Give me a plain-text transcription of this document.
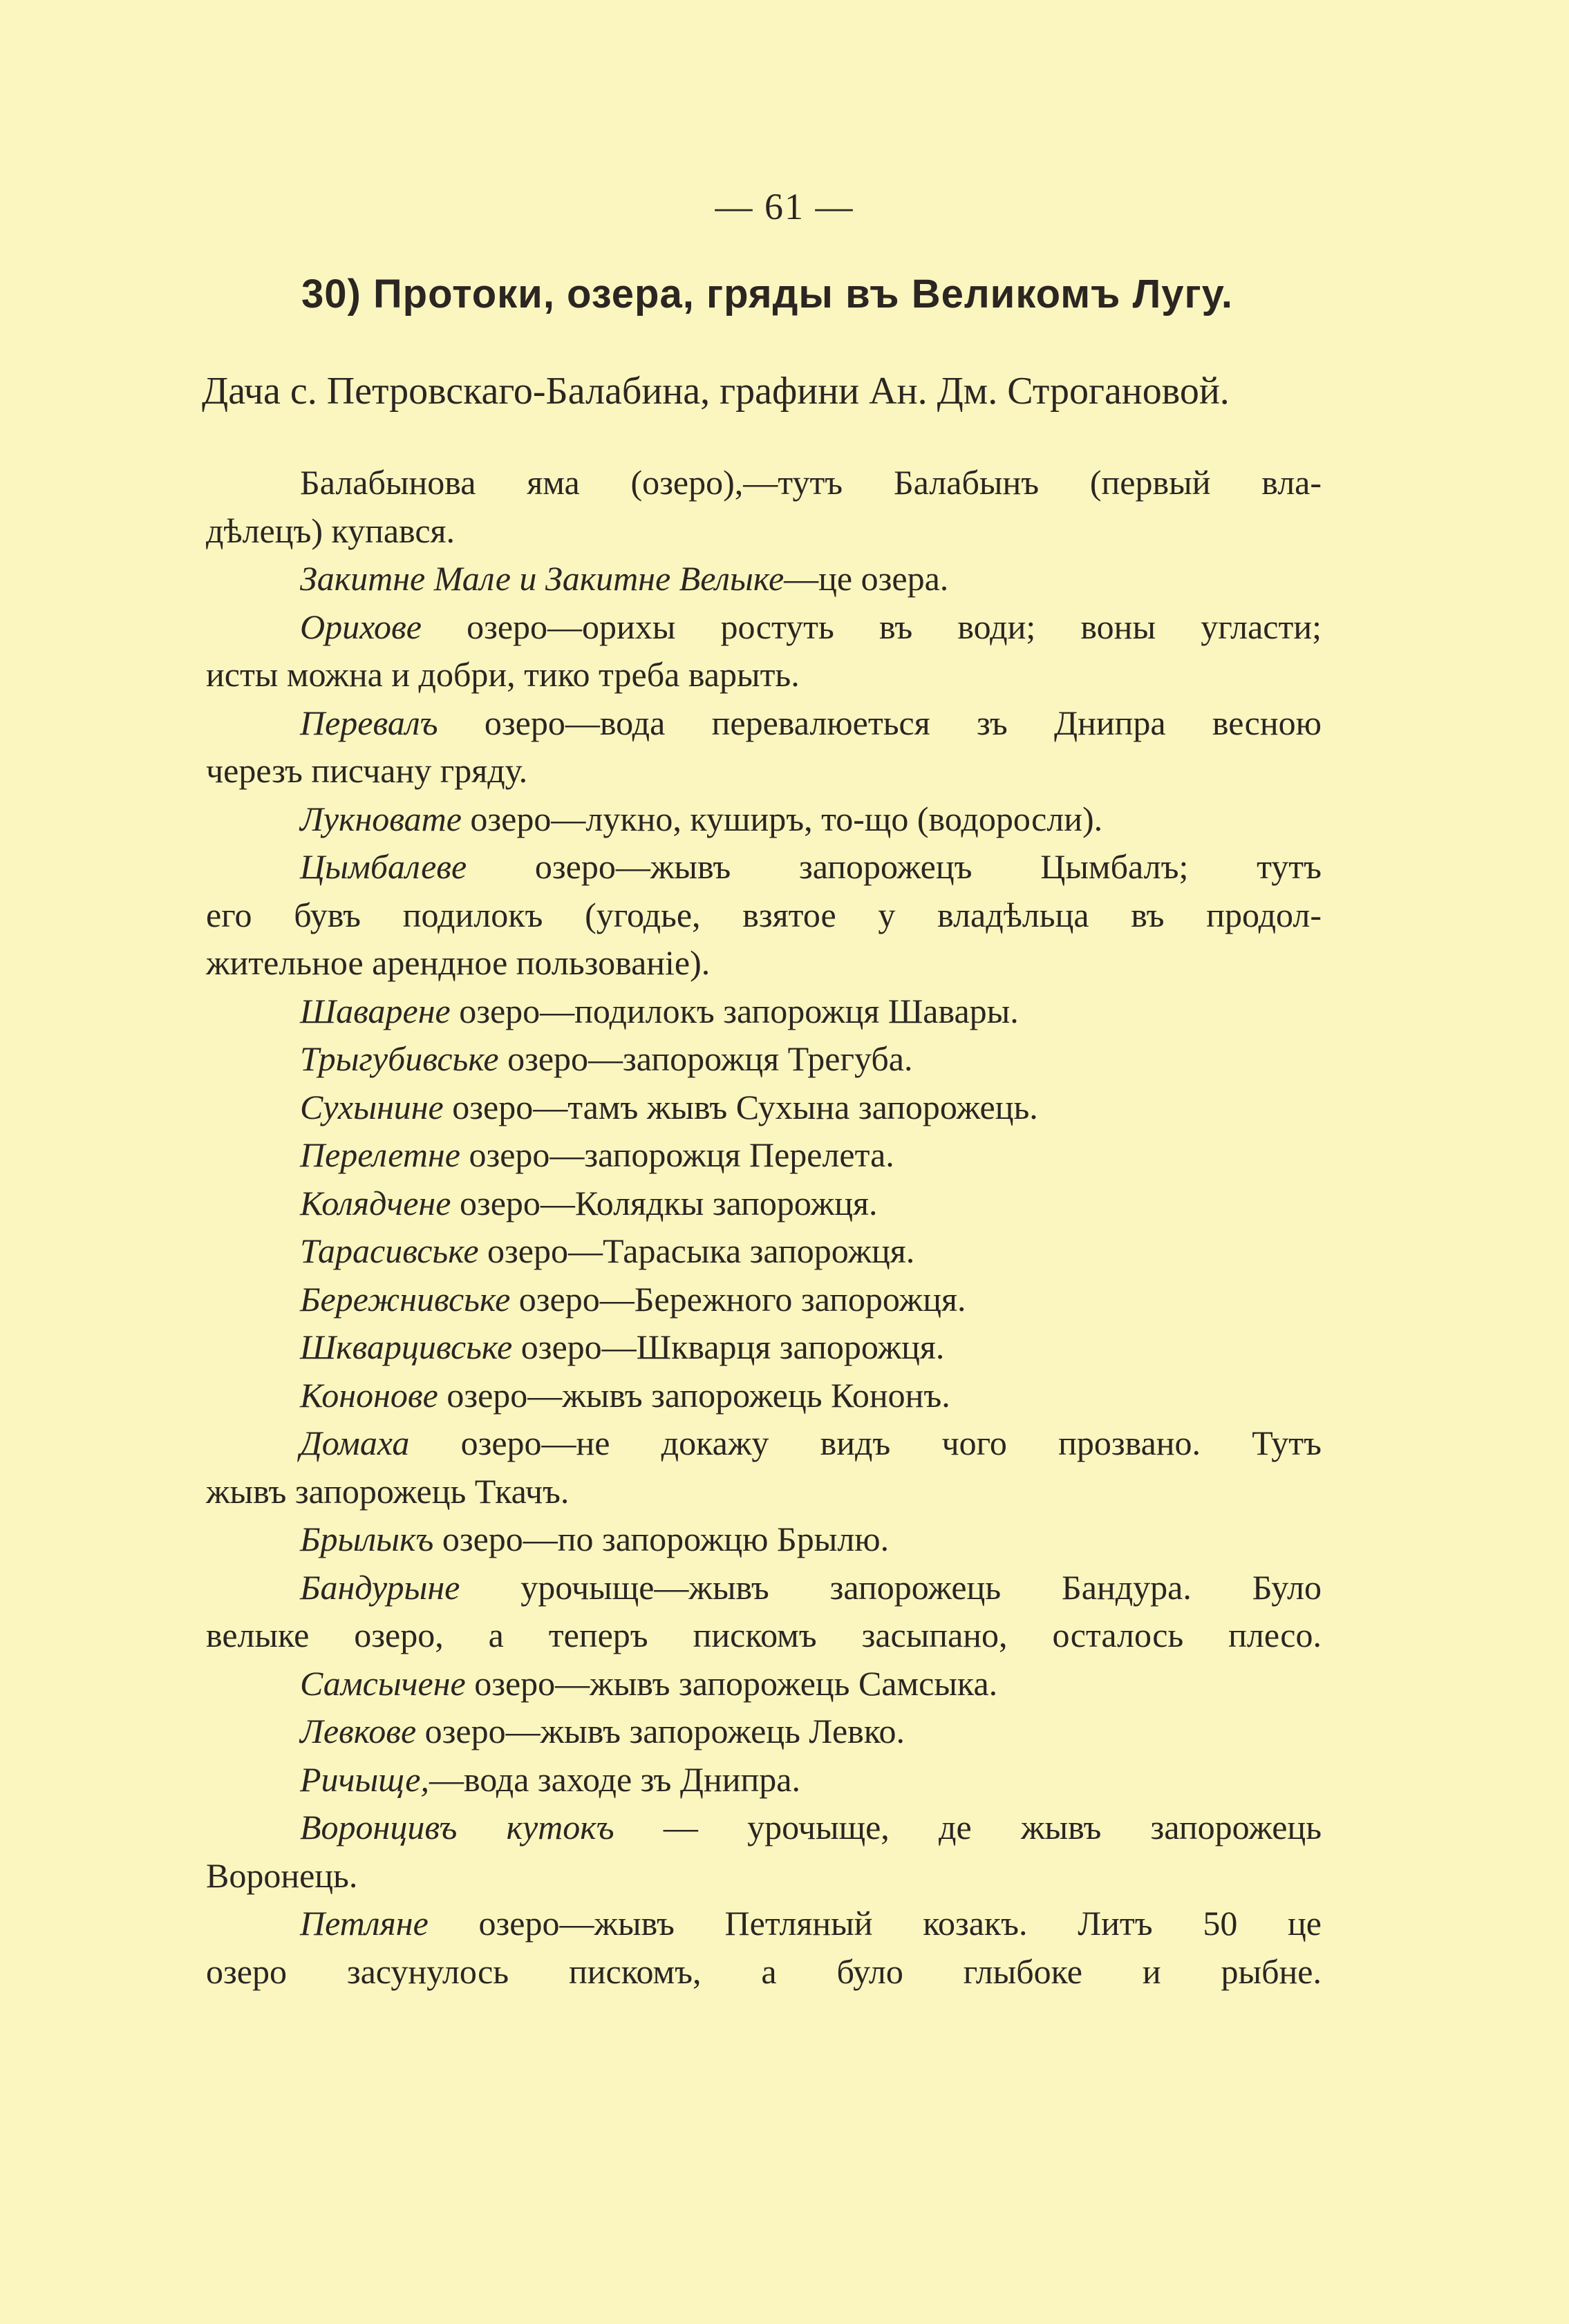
— 61 —
30) Протоки, озера, гряды въ Великомъ Лугу.
Дача с. Петровскаго-Балабина, графини Ан. Дм. Строгановой.
Балабынова яма (озеро),—тутъ Балабынъ (первый вла-
дѣлецъ) купався.
Закитне Мале и Закитне Велыке—це озера.
Орихове озеро—орихы ростуть въ води; воны угласти;
исты можна и добри, тико треба варыть.
Перевалъ озеро—вода перевалюеться зъ Днипра весною
черезъ писчану гряду.
Лукновате озеро—лукно, куширъ, то-що (водоросли).
Цымбалеве озеро—жывъ запорожецъ Цымбалъ; тутъ
его бувъ подилокъ (угодье, взятое у владѣльца въ продол-
жительное арендное пользованіе).
Шаварене озеро—подилокъ запорожця Шавары.
Трыгубивське озеро—запорожця Трегуба.
Сухынине озеро—тамъ жывъ Сухына запорожець.
Перелетне озеро—запорожця Перелета.
Колядчене озеро—Колядкы запорожця.
Тарасивське озеро—Тарасыка запорожця.
Бережнивське озеро—Бережного запорожця.
Шкварцивське озеро—Шкварця запорожця.
Кононове озеро—жывъ запорожець Кононъ.
Домаха озеро—не докажу видъ чого прозвано. Тутъ
жывъ запорожець Ткачъ.
Брылыкъ озеро—по запорожцю Брылю.
Бандурыне урочыще—жывъ запорожець Бандура. Було
велыке озеро, а теперъ пискомъ засыпано, осталось плесо.
Самсычене озеро—жывъ запорожець Самсыка.
Левкове озеро—жывъ запорожець Левко.
Ричыще,—вода заходе зъ Днипра.
Воронцивъ кутокъ — урочыще, де жывъ запорожець
Воронець.
Петляне озеро—жывъ Петляный козакъ. Литъ 50 це
озеро засунулось пискомъ, а було глыбоке и рыбне.
